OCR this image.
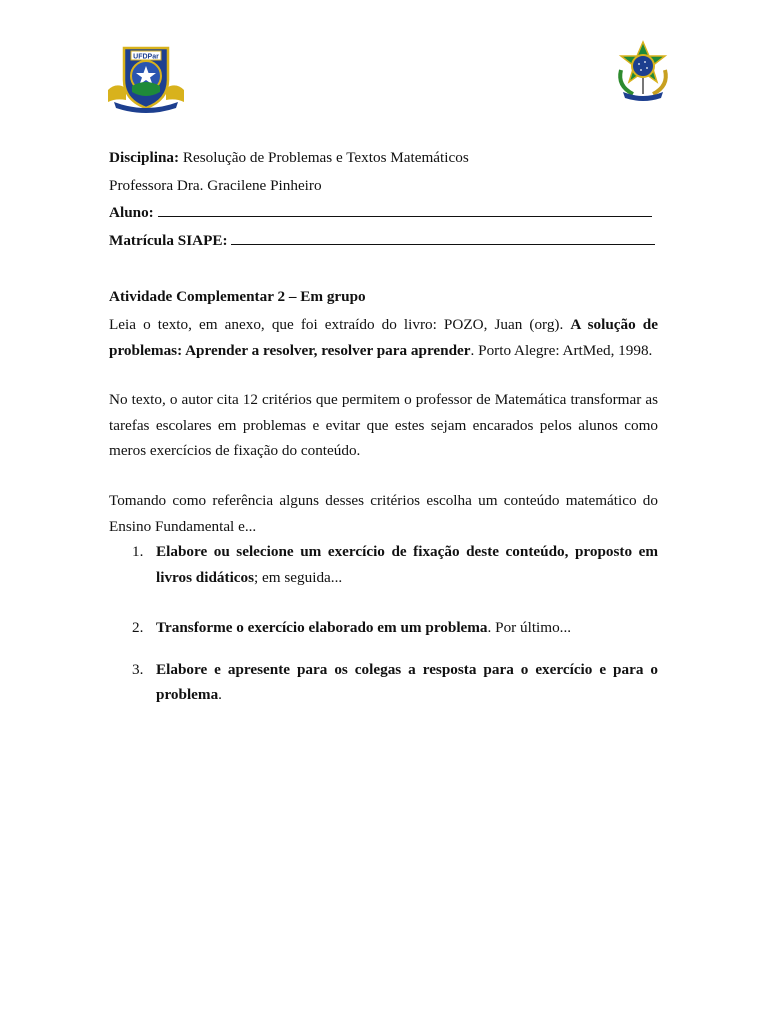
UFDPar

Disciplina: Resolução de Problemas e Textos Matemáticos

Professora Dra. Gracilene Pinheiro

Aluno:

Matrícula SIAPE:

Atividade Complementar 2 – Em grupo

Leia o texto, em anexo, que foi extraído do livro: POZO, Juan (org). A solução de problemas: Aprender a resolver, resolver para aprender. Porto Alegre: ArtMed, 1998.

No texto, o autor cita 12 critérios que permitem o professor de Matemática transformar as tarefas escolares em problemas e evitar que estes sejam encarados pelos alunos como meros exercícios de fixação do conteúdo.

Tomando como referência alguns desses critérios escolha um conteúdo matemático do Ensino Fundamental e...

1. Elabore ou selecione um exercício de fixação deste conteúdo, proposto em livros didáticos; em seguida...
2. Transforme o exercício elaborado em um problema. Por último...
3. Elabore e apresente para os colegas a resposta para o exercício e para o problema.
